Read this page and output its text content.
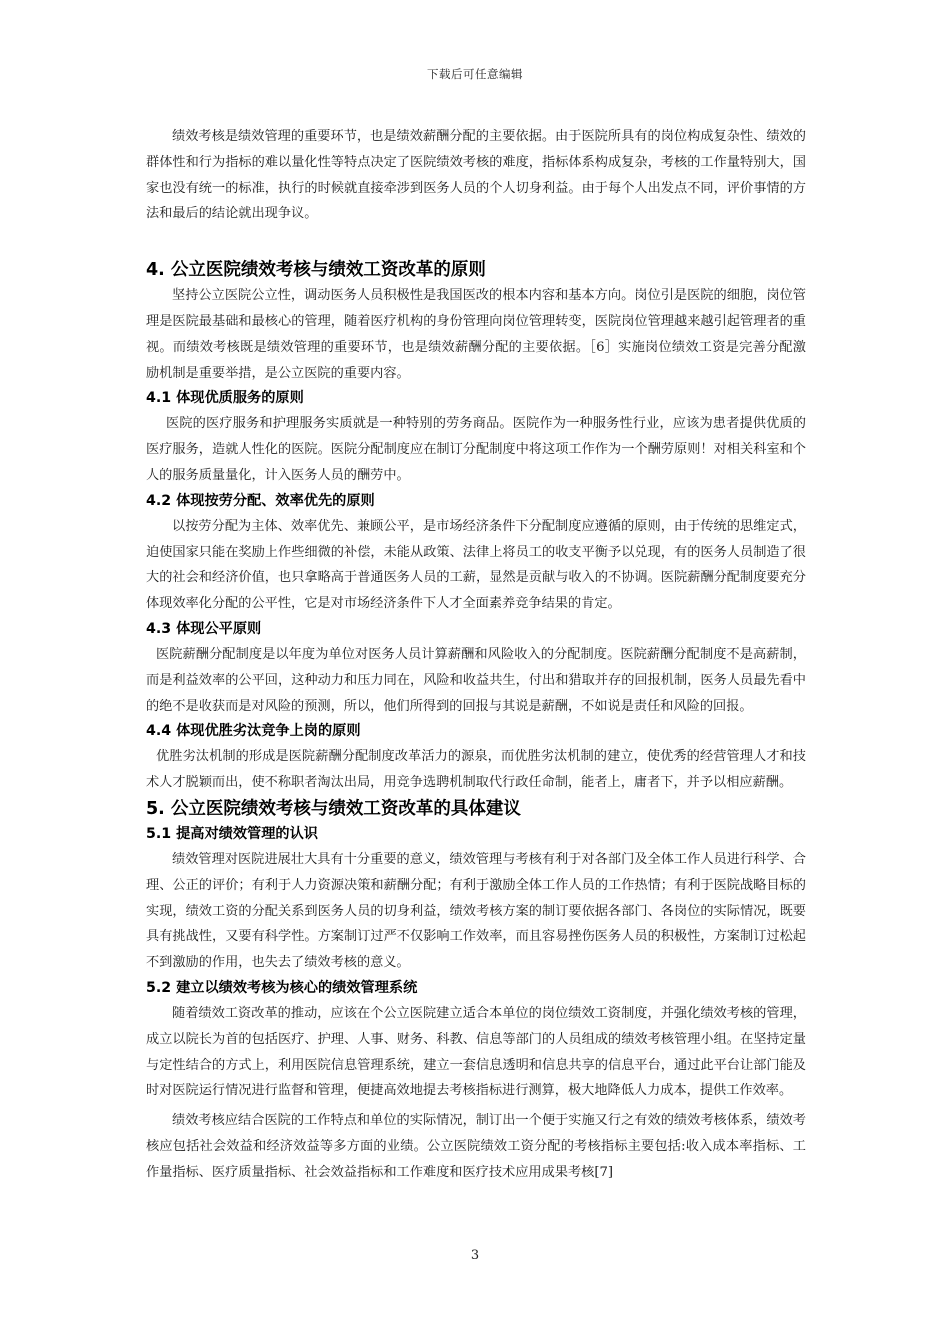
下载后可任意编辑

绩效考核是绩效管理的重要环节，也是绩效薪酬分配的主要依据。由于医院所具有的岗位构成复杂性、绩效的群体性和行为指标的难以量化性等特点决定了医院绩效考核的难度，指标体系构成复杂，考核的工作量特别大，国家也没有统一的标准，执行的时候就直接牵涉到医务人员的个人切身利益。由于每个人出发点不同，评价事情的方法和最后的结论就出现争议。

4. 公立医院绩效考核与绩效工资改革的原则

坚持公立医院公立性，调动医务人员积极性是我国医改的根本内容和基本方向。岗位引是医院的细胞，岗位管理是医院最基础和最核心的管理，随着医疗机构的身份管理向岗位管理转变，医院岗位管理越来越引起管理者的重视。而绩效考核既是绩效管理的重要环节，也是绩效薪酬分配的主要依据。［6］实施岗位绩效工资是完善分配激励机制是重要举措，是公立医院的重要内容。

4.1 体现优质服务的原则

医院的医疗服务和护理服务实质就是一种特别的劳务商品。医院作为一种服务性行业，应该为患者提供优质的医疗服务，造就人性化的医院。医院分配制度应在制订分配制度中将这项工作作为一个酬劳原则！对相关科室和个人的服务质量量化，计入医务人员的酬劳中。

4.2 体现按劳分配、效率优先的原则

以按劳分配为主体、效率优先、兼顾公平，是市场经济条件下分配制度应遵循的原则，由于传统的思维定式，迫使国家只能在奖励上作些细微的补偿，未能从政策、法律上将员工的收支平衡予以兑现，有的医务人员制造了很大的社会和经济价值，也只拿略高于普通医务人员的工薪，显然是贡献与收入的不协调。医院薪酬分配制度要充分体现效率化分配的公平性，它是对市场经济条件下人才全面素养竞争结果的肯定。

4.3 体现公平原则

医院薪酬分配制度是以年度为单位对医务人员计算薪酬和风险收入的分配制度。医院薪酬分配制度不是高薪制，而是利益效率的公平回，这种动力和压力同在，风险和收益共生，付出和猎取并存的回报机制，医务人员最先看中的绝不是收获而是对风险的预测，所以，他们所得到的回报与其说是薪酬，不如说是责任和风险的回报。

4.4 体现优胜劣汰竞争上岗的原则

优胜劣汰机制的形成是医院薪酬分配制度改革活力的源泉，而优胜劣汰机制的建立，使优秀的经营管理人才和技术人才脱颖而出，使不称职者淘汰出局，用竞争选聘机制取代行政任命制，能者上，庸者下，并予以相应薪酬。

5. 公立医院绩效考核与绩效工资改革的具体建议
5.1 提高对绩效管理的认识

绩效管理对医院进展壮大具有十分重要的意义，绩效管理与考核有利于对各部门及全体工作人员进行科学、合理、公正的评价；有利于人力资源决策和薪酬分配；有利于激励全体工作人员的工作热情；有利于医院战略目标的实现，绩效工资的分配关系到医务人员的切身利益，绩效考核方案的制订要依据各部门、各岗位的实际情况，既要具有挑战性，又要有科学性。方案制订过严不仅影响工作效率，而且容易挫伤医务人员的积极性，方案制订过松起不到激励的作用，也失去了绩效考核的意义。

5.2 建立以绩效考核为核心的绩效管理系统

随着绩效工资改革的推动，应该在个公立医院建立适合本单位的岗位绩效工资制度，并强化绩效考核的管理，成立以院长为首的包括医疗、护理、人事、财务、科教、信息等部门的人员组成的绩效考核管理小组。在坚持定量与定性结合的方式上，利用医院信息管理系统，建立一套信息透明和信息共享的信息平台，通过此平台让部门能及时对医院运行情况进行监督和管理，便捷高效地提去考核指标进行测算，极大地降低人力成本，提供工作效率。

绩效考核应结合医院的工作特点和单位的实际情况，制订出一个便于实施又行之有效的绩效考核体系，绩效考核应包括社会效益和经济效益等多方面的业绩。公立医院绩效工资分配的考核指标主要包括:收入成本率指标、工作量指标、医疗质量指标、社会效益指标和工作难度和医疗技术应用成果考核[7]

3
